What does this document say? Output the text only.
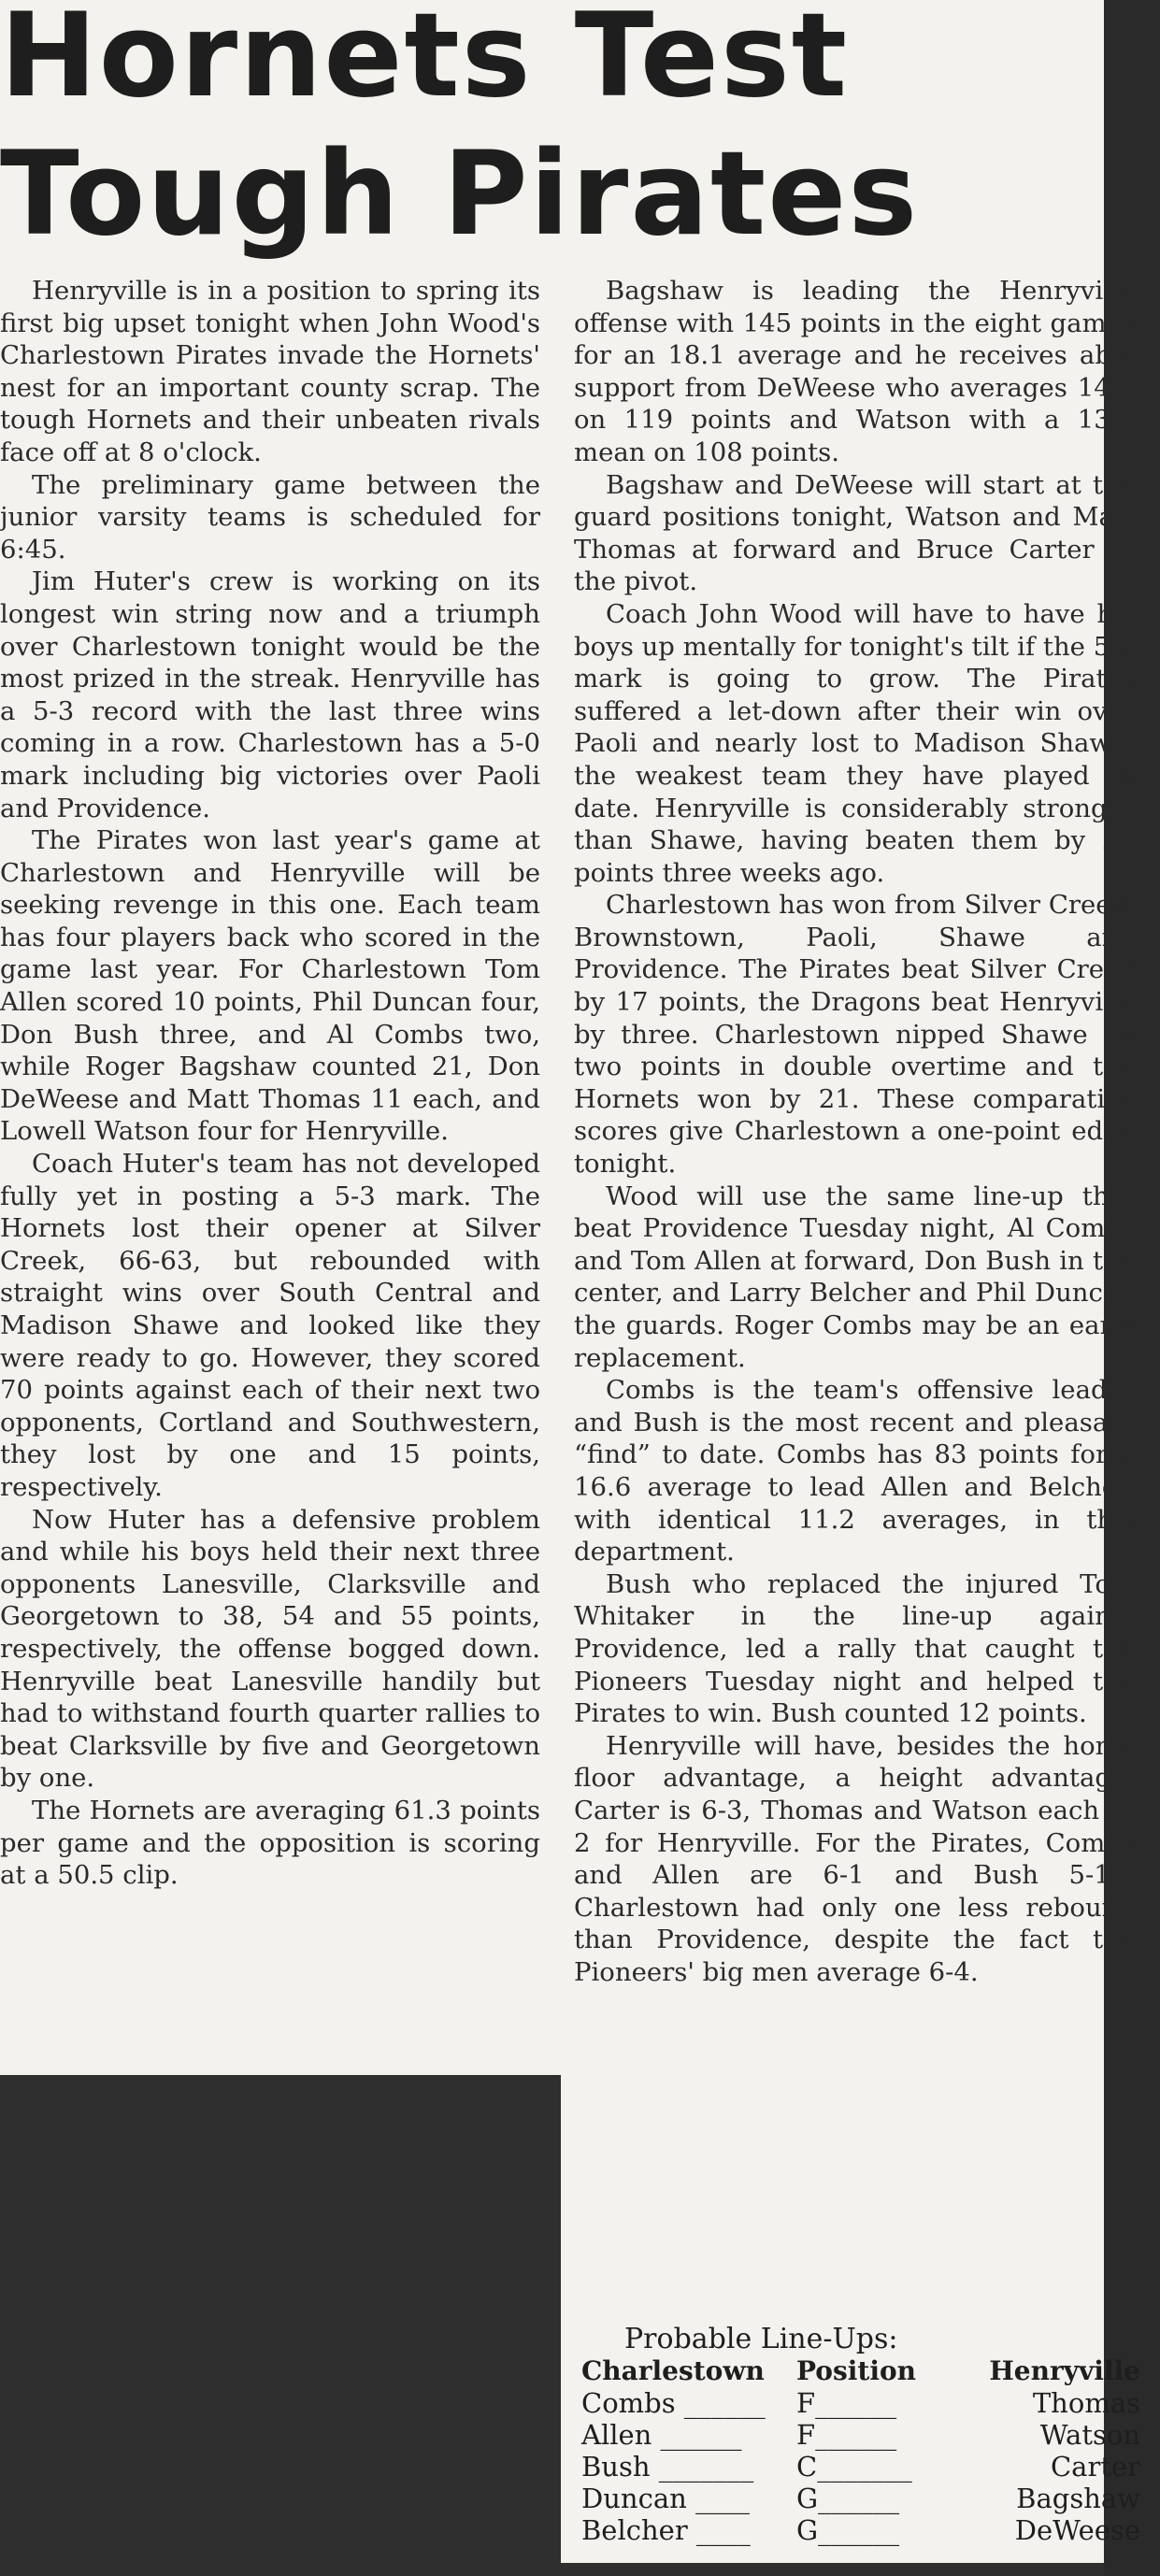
Hornets Test
Tough Pirates

Henryville is in a position to spring its first big upset tonight when John Wood's Charlestown Pirates invade the Hornets' nest for an important county scrap. The tough Hornets and their unbeaten rivals face off at 8 o'clock.

The preliminary game between the junior varsity teams is scheduled for 6:45.

Jim Huter's crew is working on its longest win string now and a triumph over Charlestown tonight would be the most prized in the streak. Henryville has a 5-3 record with the last three wins coming in a row. Charlestown has a 5-0 mark including big victories over Paoli and Providence.

The Pirates won last year's game at Charlestown and Henryville will be seeking revenge in this one. Each team has four players back who scored in the game last year. For Charlestown Tom Allen scored 10 points, Phil Duncan four, Don Bush three, and Al Combs two, while Roger Bagshaw counted 21, Don DeWeese and Matt Thomas 11 each, and Lowell Watson four for Henryville.

Coach Huter's team has not developed fully yet in posting a 5-3 mark. The Hornets lost their opener at Silver Creek, 66-63, but rebounded with straight wins over South Central and Madison Shawe and looked like they were ready to go. However, they scored 70 points against each of their next two opponents, Cortland and Southwestern, they lost by one and 15 points, respectively.

Now Huter has a defensive problem and while his boys held their next three opponents Lanesville, Clarksville and Georgetown to 38, 54 and 55 points, respectively, the offense bogged down. Henryville beat Lanesville handily but had to withstand fourth quarter rallies to beat Clarksville by five and Georgetown by one.

The Hornets are averaging 61.3 points per game and the opposition is scoring at a 50.5 clip.

Bagshaw is leading the Henryville offense with 145 points in the eight games for an 18.1 average and he receives able support from DeWeese who averages 14.9 on 119 points and Watson with a 13.5 mean on 108 points.

Bagshaw and DeWeese will start at the guard positions tonight, Watson and Matt Thomas at forward and Bruce Carter in the pivot.

Coach John Wood will have to have his boys up mentally for tonight's tilt if the 5-0 mark is going to grow. The Pirates suffered a let-down after their win over Paoli and nearly lost to Madison Shawe, the weakest team they have played to date. Henryville is considerably stronger than Shawe, having beaten them by 21 points three weeks ago.

Charlestown has won from Silver Creek, Brownstown, Paoli, Shawe and Providence. The Pirates beat Silver Creek by 17 points, the Dragons beat Henryville by three. Charlestown nipped Shawe by two points in double overtime and the Hornets won by 21. These comparative scores give Charlestown a one-point edge tonight.

Wood will use the same line-up that beat Providence Tuesday night, Al Combs and Tom Allen at forward, Don Bush in the center, and Larry Belcher and Phil Duncan the guards. Roger Combs may be an early replacement.

Combs is the team's offensive leader and Bush is the most recent and pleasant “find” to date. Combs has 83 points for a 16.6 average to lead Allen and Belcher, with identical 11.2 averages, in this department.

Bush who replaced the injured Tom Whitaker in the line-up against Providence, led a rally that caught the Pioneers Tuesday night and helped the Pirates to win. Bush counted 12 points.

Henryville will have, besides the home floor advantage, a height advantage. Carter is 6-3, Thomas and Watson each 6-2 for Henryville. For the Pirates, Combs and Allen are 6-1 and Bush 5-11. Charlestown had only one less rebound than Providence, despite the fact the Pioneers' big men average 6-4.

Probable Line-Ups:
Charlestown	Position	Henryville
Combs ______	F______	Thomas
Allen ______	F______	Watson
Bush _______	C_______	Carter
Duncan ____	G______	Bagshaw
Belcher ____	G______	DeWeese
